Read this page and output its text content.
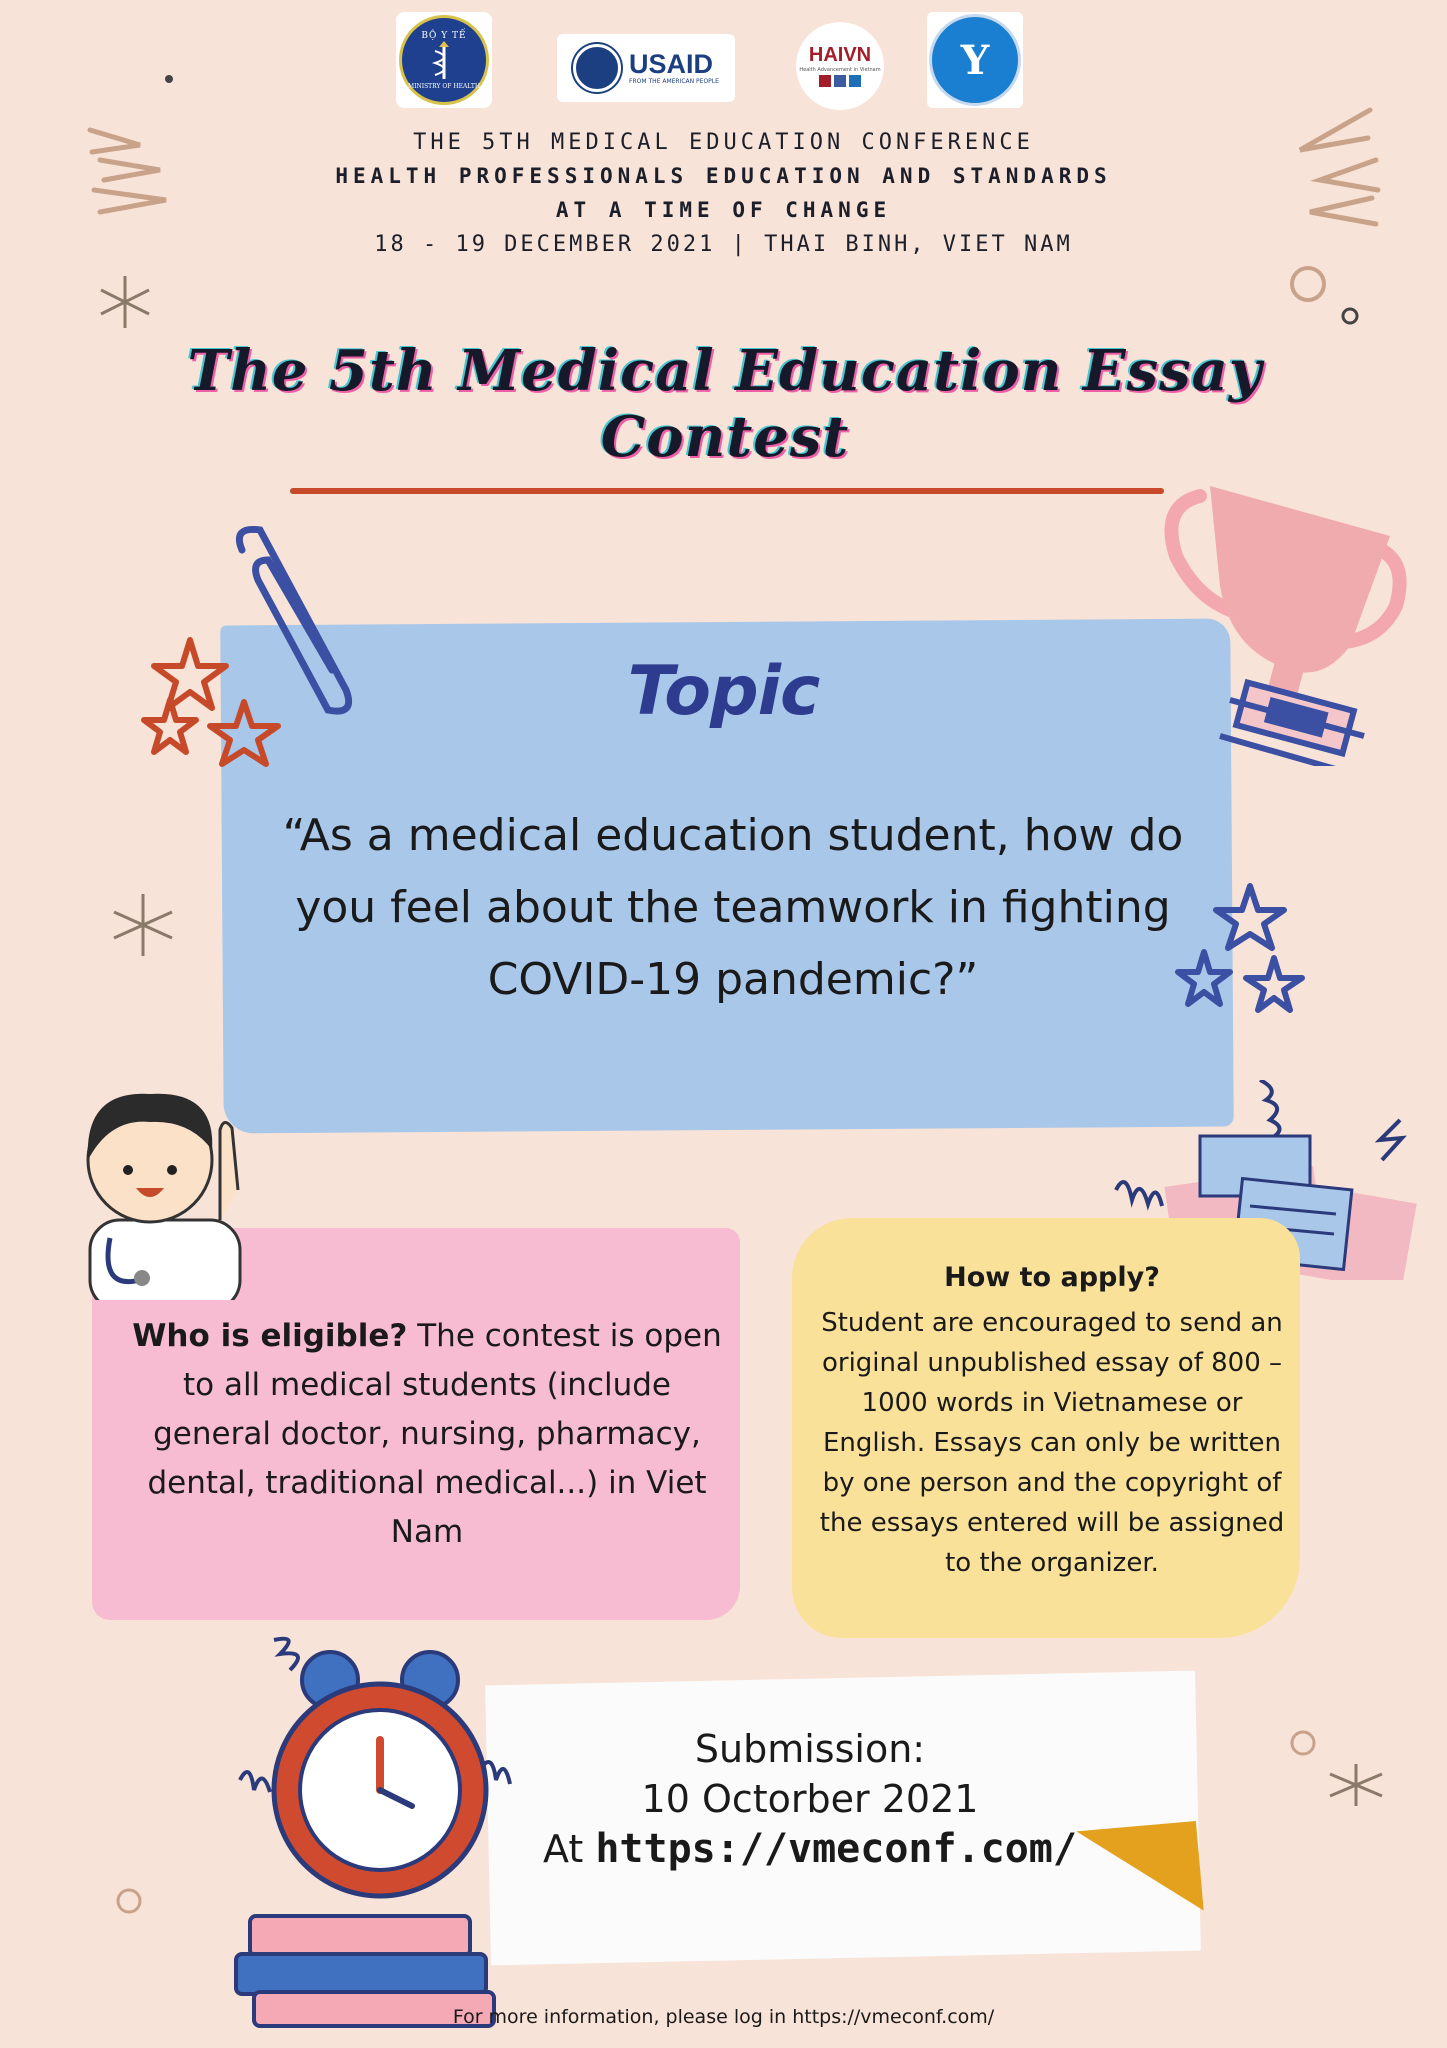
BỘ Y TẾ
MINISTRY OF HEALTH
USAID
FROM THE AMERICAN PEOPLE
HAIVN
Health Advancement in Vietnam	Y
THE 5TH MEDICAL EDUCATION CONFERENCE
HEALTH PROFESSIONALS EDUCATION AND STANDARDS
AT A TIME OF CHANGE
18 - 19 DECEMBER 2021 | THAI BINH, VIET NAM
The 5th Medical Education Essay Contest
Topic
“As a medical education student, how do you feel about the teamwork in fighting COVID-19 pandemic?”
Who is eligible? The contest is open to all medical students (include general doctor, nursing, pharmacy, dental, traditional medical...) in Viet Nam
How to apply?
Student are encouraged to send an original unpublished essay of 800 – 1000 words in Vietnamese or English. Essays can only be written by one person and the copyright of the essays entered will be assigned to the organizer.
Submission:
10 Octorber 2021
At https://vmeconf.com/
For more information, please log in https://vmeconf.com/
